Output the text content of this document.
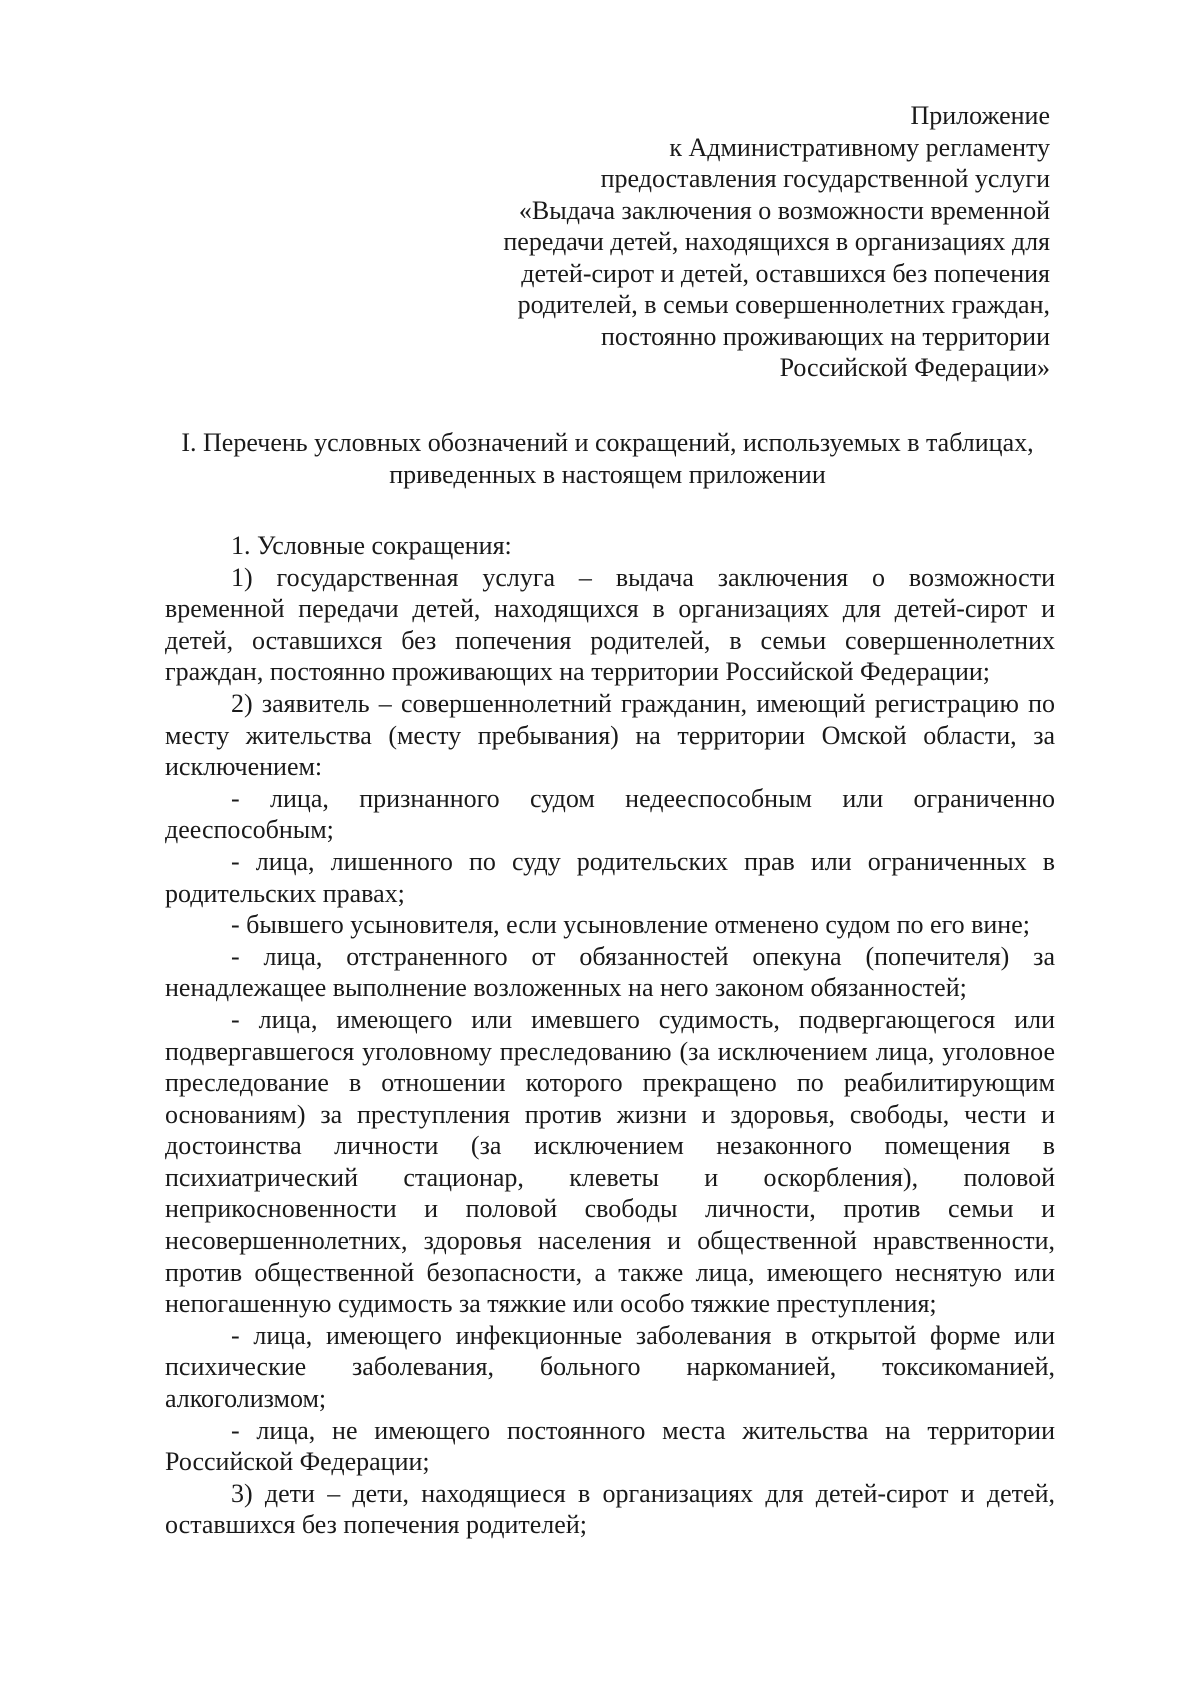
Приложение
к Административному регламенту
предоставления государственной услуги
«Выдача заключения о возможности временной
передачи детей, находящихся в организациях для
детей-сирот и детей, оставшихся без попечения
родителей, в семьи совершеннолетних граждан,
постоянно проживающих на территории
Российской Федерации»
I. Перечень условных обозначений и сокращений, используемых в таблицах,
приведенных в настоящем приложении

1. Условные сокращения:

1) государственная услуга – выдача заключения о возможности временной передачи детей, находящихся в организациях для детей-сирот и детей, оставшихся без попечения родителей, в семьи совершеннолетних граждан, постоянно проживающих на территории Российской Федерации;

2) заявитель – совершеннолетний гражданин, имеющий регистрацию по месту жительства (месту пребывания) на территории Омской области, за исключением:

- лица, признанного судом недееспособным или ограниченно дееспособным;

- лица, лишенного по суду родительских прав или ограниченных в родительских правах;

- бывшего усыновителя, если усыновление отменено судом по его вине;

- лица, отстраненного от обязанностей опекуна (попечителя) за ненадлежащее выполнение возложенных на него законом обязанностей;

- лица, имеющего или имевшего судимость, подвергающегося или подвергавшегося уголовному преследованию (за исключением лица, уголовное преследование в отношении которого прекращено по реабилитирующим основаниям) за преступления против жизни и здоровья, свободы, чести и достоинства личности (за исключением незаконного помещения в психиатрический стационар, клеветы и оскорбления), половой неприкосновенности и половой свободы личности, против семьи и несовершеннолетних, здоровья населения и общественной нравственности, против общественной безопасности, а также лица, имеющего неснятую или непогашенную судимость за тяжкие или особо тяжкие преступления;

- лица, имеющего инфекционные заболевания в открытой форме или психические заболевания, больного наркоманией, токсикоманией, алкоголизмом;

- лица, не имеющего постоянного места жительства на территории Российской Федерации;

3) дети – дети, находящиеся в организациях для детей-сирот и детей, оставшихся без попечения родителей;
